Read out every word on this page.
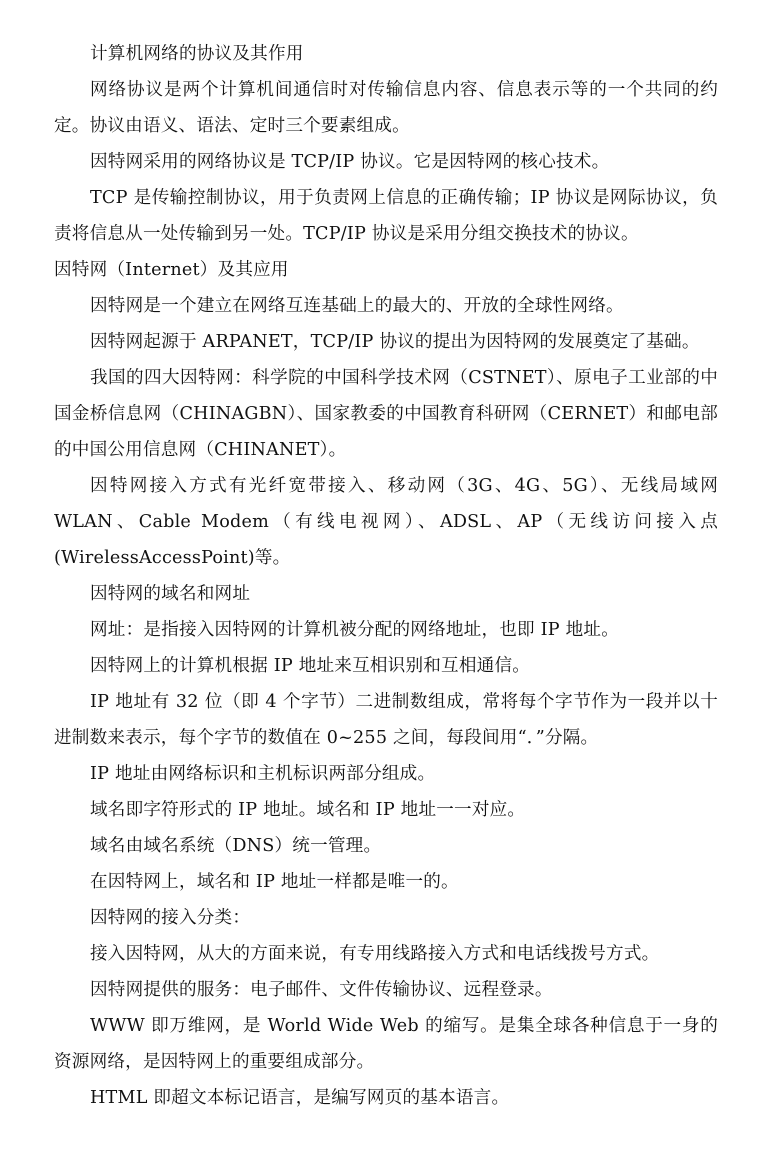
计算机网络的协议及其作用

网络协议是两个计算机间通信时对传输信息内容、信息表示等的一个共同的约定。协议由语义、语法、定时三个要素组成。

因特网采用的网络协议是 TCP/IP 协议。它是因特网的核心技术。

TCP 是传输控制协议，用于负责网上信息的正确传输；IP 协议是网际协议，负责将信息从一处传输到另一处。TCP/IP 协议是采用分组交换技术的协议。

因特网（Internet）及其应用

因特网是一个建立在网络互连基础上的最大的、开放的全球性网络。

因特网起源于 ARPANET，TCP/IP 协议的提出为因特网的发展奠定了基础。

我国的四大因特网：科学院的中国科学技术网（CSTNET）、原电子工业部的中国金桥信息网（CHINAGBN）、国家教委的中国教育科研网（CERNET）和邮电部的中国公用信息网（CHINANET）。

因特网接入方式有光纤宽带接入、移动网（3G、4G、5G）、无线局域网 WLAN、Cable Modem（有线电视网）、ADSL、AP（无线访问接入点(WirelessAccessPoint)等。

因特网的域名和网址

网址：是指接入因特网的计算机被分配的网络地址，也即 IP 地址。

因特网上的计算机根据 IP 地址来互相识别和互相通信。

IP 地址有 32 位（即 4 个字节）二进制数组成，常将每个字节作为一段并以十进制数来表示，每个字节的数值在 0~255 之间，每段间用“．”分隔。

IP 地址由网络标识和主机标识两部分组成。

域名即字符形式的 IP 地址。域名和 IP 地址一一对应。

域名由域名系统（DNS）统一管理。

在因特网上，域名和 IP 地址一样都是唯一的。

因特网的接入分类：

接入因特网，从大的方面来说，有专用线路接入方式和电话线拨号方式。

因特网提供的服务：电子邮件、文件传输协议、远程登录。

WWW 即万维网，是 World Wide Web 的缩写。是集全球各种信息于一身的资源网络，是因特网上的重要组成部分。

HTML 即超文本标记语言，是编写网页的基本语言。
